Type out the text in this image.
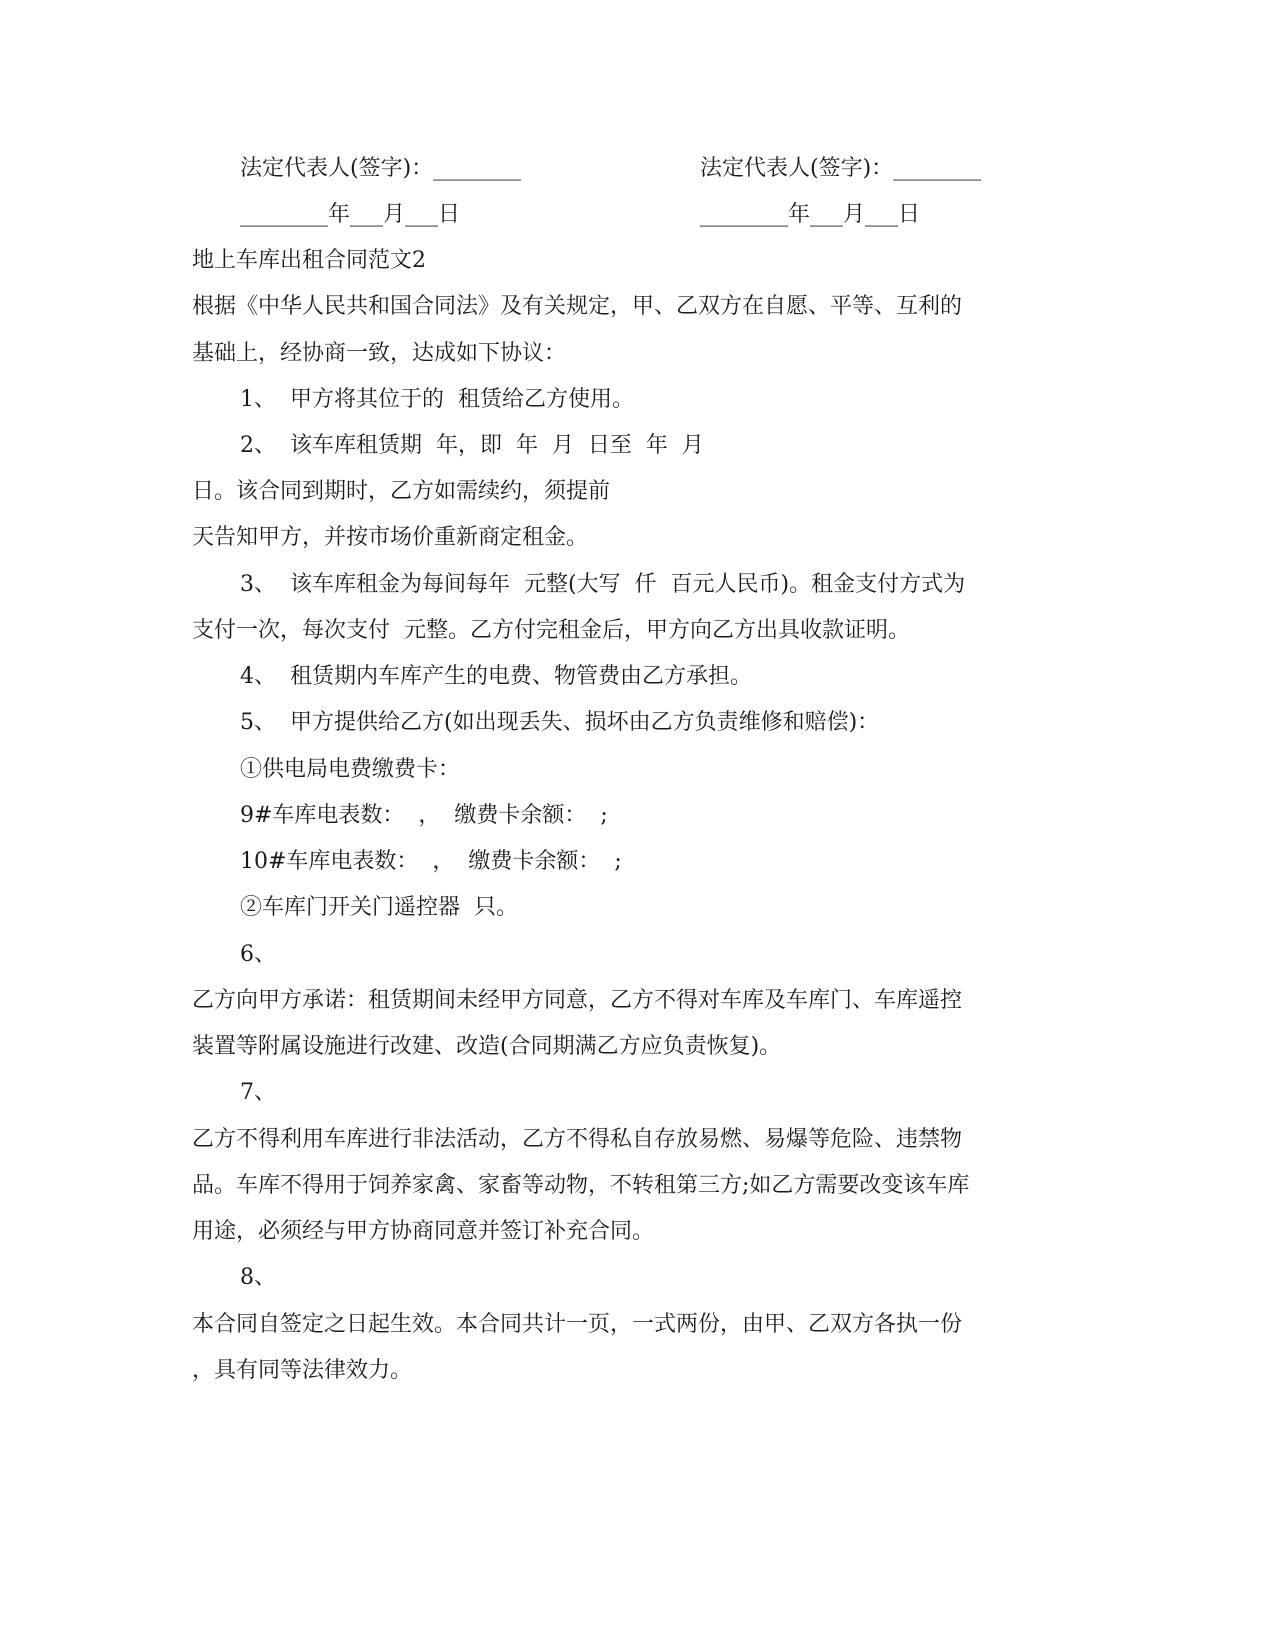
法定代表人(签字)：________	法定代表人(签字)：________
________年___月___日	________年___月___日
地上车库出租合同范文2
根据《中华人民共和国合同法》及有关规定，甲、乙双方在自愿、平等、互利的
基础上，经协商一致，达成如下协议：
1、  甲方将其位于的  租赁给乙方使用。
2、  该车库租赁期  年，即  年  月  日至  年  月
日。该合同到期时，乙方如需续约，须提前
天告知甲方，并按市场价重新商定租金。
3、  该车库租金为每间每年  元整(大写  仟  百元人民币)。租金支付方式为
支付一次，每次支付  元整。乙方付完租金后，甲方向乙方出具收款证明。
4、  租赁期内车库产生的电费、物管费由乙方承担。
5、  甲方提供给乙方(如出现丢失、损坏由乙方负责维修和赔偿)：
①供电局电费缴费卡：
9#车库电表数：  ，  缴费卡余额：  ;
10#车库电表数：  ，  缴费卡余额：  ;
②车库门开关门遥控器  只。
6、
乙方向甲方承诺：租赁期间未经甲方同意，乙方不得对车库及车库门、车库遥控
装置等附属设施进行改建、改造(合同期满乙方应负责恢复)。
7、
乙方不得利用车库进行非法活动，乙方不得私自存放易燃、易爆等危险、违禁物
品。车库不得用于饲养家禽、家畜等动物，不转租第三方;如乙方需要改变该车库
用途，必须经与甲方协商同意并签订补充合同。
8、
本合同自签定之日起生效。本合同共计一页，一式两份，由甲、乙双方各执一份
，具有同等法律效力。
